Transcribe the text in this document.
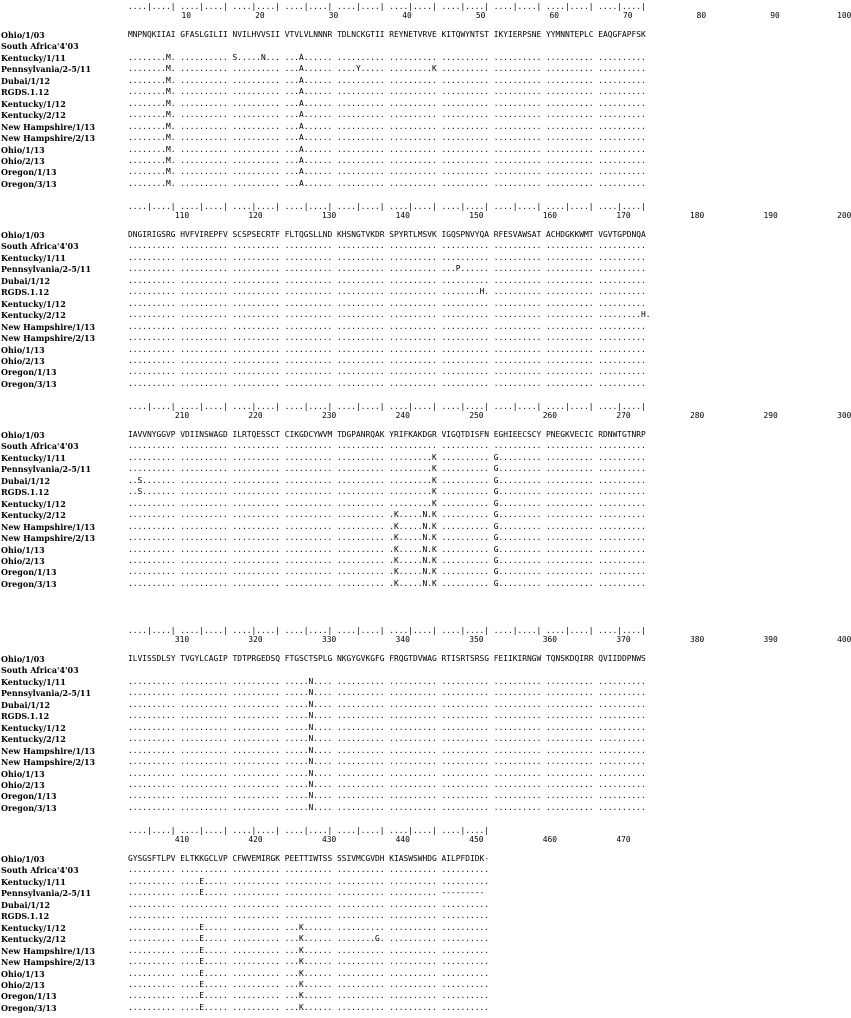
....|....| ....|....| ....|....| ....|....| ....|....| ....|....| ....|....| ....|....| ....|....| ....|....|
10	20	30	40	50	60	70	80	90	100
Ohio/1/03	MNPNQKIIAI GFASLGILII NVILHVVSII VTVLVLNNNR TDLNCKGTII REYNETVRVE KITQWYNTST IKYIERPSNE YYMNNTEPLC EAQGFAPFSK
South Africa'4'03
Kentucky/1/11	........M. .......... S.....N... ...A...... .......... .......... .......... .......... .......... ..........
Pennsylvania/2-5/11	........M. .......... .......... ...A...... ....Y..... .........K .......... .......... .......... ..........
Dubai/1/12	........M. .......... .......... ...A...... .......... .......... .......... .......... .......... ..........
RGDS.1.12	........M. .......... .......... ...A...... .......... .......... .......... .......... .......... ..........
Kentucky/1/12	........M. .......... .......... ...A...... .......... .......... .......... .......... .......... ..........
Kentucky/2/12	........M. .......... .......... ...A...... .......... .......... .......... .......... .......... ..........
New Hampshire/1/13	........M. .......... .......... ...A...... .......... .......... .......... .......... .......... ..........
New Hampshire/2/13	........M. .......... .......... ...A...... .......... .......... .......... .......... .......... ..........
Ohio/1/13	........M. .......... .......... ...A...... .......... .......... .......... .......... .......... ..........
Ohio/2/13	........M. .......... .......... ...A...... .......... .......... .......... .......... .......... ..........
Oregon/1/13	........M. .......... .......... ...A...... .......... .......... .......... .......... .......... ..........
Oregon/3/13	........M. .......... .......... ...A...... .......... .......... .......... .......... .......... ..........
....|....| ....|....| ....|....| ....|....| ....|....| ....|....| ....|....| ....|....| ....|....| ....|....|
110	120	130	140	150	160	170	180	190	200
Ohio/1/03	DNGIRIGSRG HVFVIREPFV SCSPSECRTF FLTQGSLLND KHSNGTVKDR SPYRTLMSVK IGQSPNVYQA RFESVAWSAT ACHDGKKWMT VGVTGPDNQA
South Africa'4'03	.......... .......... .......... .......... .......... .......... .......... .......... .......... ..........
Kentucky/1/11	.......... .......... .......... .......... .......... .......... .......... .......... .......... ..........
Pennsylvania/2-5/11	.......... .......... .......... .......... .......... .......... ...P...... .......... .......... ..........
Dubai/1/12	.......... .......... .......... .......... .......... .......... .......... .......... .......... ..........
RGDS.1.12	.......... .......... .......... .......... .......... .......... ........H. .......... .......... ..........
Kentucky/1/12	.......... .......... .......... .......... .......... .......... .......... .......... .......... ..........
Kentucky/2/12	.......... .......... .......... .......... .......... .......... .......... .......... .......... .........H.
New Hampshire/1/13	.......... .......... .......... .......... .......... .......... .......... .......... .......... ..........
New Hampshire/2/13	.......... .......... .......... .......... .......... .......... .......... .......... .......... ..........
Ohio/1/13	.......... .......... .......... .......... .......... .......... .......... .......... .......... ..........
Ohio/2/13	.......... .......... .......... .......... .......... .......... .......... .......... .......... ..........
Oregon/1/13	.......... .......... .......... .......... .......... .......... .......... .......... .......... ..........
Oregon/3/13	.......... .......... .......... .......... .......... .......... .......... .......... .......... ..........
....|....| ....|....| ....|....| ....|....| ....|....| ....|....| ....|....| ....|....| ....|....| ....|....|
210	220	230	240	250	260	270	280	290	300
Ohio/1/03	IAVVNYGGVP VDIINSWAGD ILRTQESSCT CIKGDCYWVM TDGPANRQAK YRIFKAKDGR VIGQTDISFN EGHIEECSCY PNEGKVECIC RDNWTGTNRP
South Africa'4'03	.......... .......... .......... .......... .......... .......... .......... .......... .......... ..........
Kentucky/1/11	.......... .......... .......... .......... .......... .........K .......... G......... .......... ..........
Pennsylvania/2-5/11	.......... .......... .......... .......... .......... .........K .......... G......... .......... ..........
Dubai/1/12	..S....... .......... .......... .......... .......... .........K .......... G......... .......... ..........
RGDS.1.12	..S....... .......... .......... .......... .......... .........K .......... G......... .......... ..........
Kentucky/1/12	.......... .......... .......... .......... .......... .........K .......... G......... .......... ..........
Kentucky/2/12	.......... .......... .......... .......... .......... .K.....N.K .......... G......... .......... ..........
New Hampshire/1/13	.......... .......... .......... .......... .......... .K.....N.K .......... G......... .......... ..........
New Hampshire/2/13	.......... .......... .......... .......... .......... .K.....N.K .......... G......... .......... ..........
Ohio/1/13	.......... .......... .......... .......... .......... .K.....N.K .......... G......... .......... ..........
Ohio/2/13	.......... .......... .......... .......... .......... .K.....N.K .......... G......... .......... ..........
Oregon/1/13	.......... .......... .......... .......... .......... .K.....N.K .......... G......... .......... ..........
Oregon/3/13	.......... .......... .......... .......... .......... .K.....N.K .......... G......... .......... ..........
....|....| ....|....| ....|....| ....|....| ....|....| ....|....| ....|....| ....|....| ....|....| ....|....|
310	320	330	340	350	360	370	380	390	400
Ohio/1/03	ILVISSDLSY TVGYLCAGIP TDTPRGEDSQ FTGSCTSPLG NKGYGVKGFG FRQGTDVWAG RTISRTSRSG FEIIKIRNGW TQNSKDQIRR QVIIDDPNWS
South Africa'4'03
Kentucky/1/11	.......... .......... .......... .....N.... .......... .......... .......... .......... .......... ..........
Pennsylvania/2-5/11	.......... .......... .......... .....N.... .......... .......... .......... .......... .......... ..........
Dubai/1/12	.......... .......... .......... .....N.... .......... .......... .......... .......... .......... ..........
RGDS.1.12	.......... .......... .......... .....N.... .......... .......... .......... .......... .......... ..........
Kentucky/1/12	.......... .......... .......... .....N.... .......... .......... .......... .......... .......... ..........
Kentucky/2/12	.......... .......... .......... .....N.... .......... .......... .......... .......... .......... ..........
New Hampshire/1/13	.......... .......... .......... .....N.... .......... .......... .......... .......... .......... ..........
New Hampshire/2/13	.......... .......... .......... .....N.... .......... .......... .......... .......... .......... ..........
Ohio/1/13	.......... .......... .......... .....N.... .......... .......... .......... .......... .......... ..........
Ohio/2/13	.......... .......... .......... .....N.... .......... .......... .......... .......... .......... ..........
Oregon/1/13	.......... .......... .......... .....N.... .......... .......... .......... .......... .......... ..........
Oregon/3/13	.......... .......... .......... .....N.... .......... .......... .......... .......... .......... ..........
....|....| ....|....| ....|....| ....|....| ....|....| ....|....| ....|....|
410	420	430	440	450	460	470
Ohio/1/03	GYSGSFTLPV ELTKKGCLVP CFWVEMIRGK PEETTIWTSS SSIVMCGVDH KIASWSWHDG AILPFDIDK-
South Africa'4'03	.......... .......... .......... .......... .......... .......... ..........
Kentucky/1/11	.......... ....E..... .......... .......... .......... .......... ..........
Pennsylvania/2-5/11	.......... ....E..... .......... .......... .......... .......... ---------
Dubai/1/12	.......... .......... .......... .......... .......... .......... ..........
RGDS.1.12	.......... .......... .......... .......... .......... .......... ..........
Kentucky/1/12	.......... ....E..... .......... ...K...... .......... .......... ..........
Kentucky/2/12	.......... ....E..... .......... ...K...... ........G. .......... ..........
New Hampshire/1/13	.......... ....E..... .......... ...K...... .......... .......... ..........
New Hampshire/2/13	.......... ....E..... .......... ...K...... .......... .......... ..........
Ohio/1/13	.......... ....E..... .......... ...K...... .......... .......... ..........
Ohio/2/13	.......... ....E..... .......... ...K...... .......... .......... ..........
Oregon/1/13	.......... ....E..... .......... ...K...... .......... .......... ..........
Oregon/3/13	.......... ....E..... .......... ...K...... .......... .......... ..........
